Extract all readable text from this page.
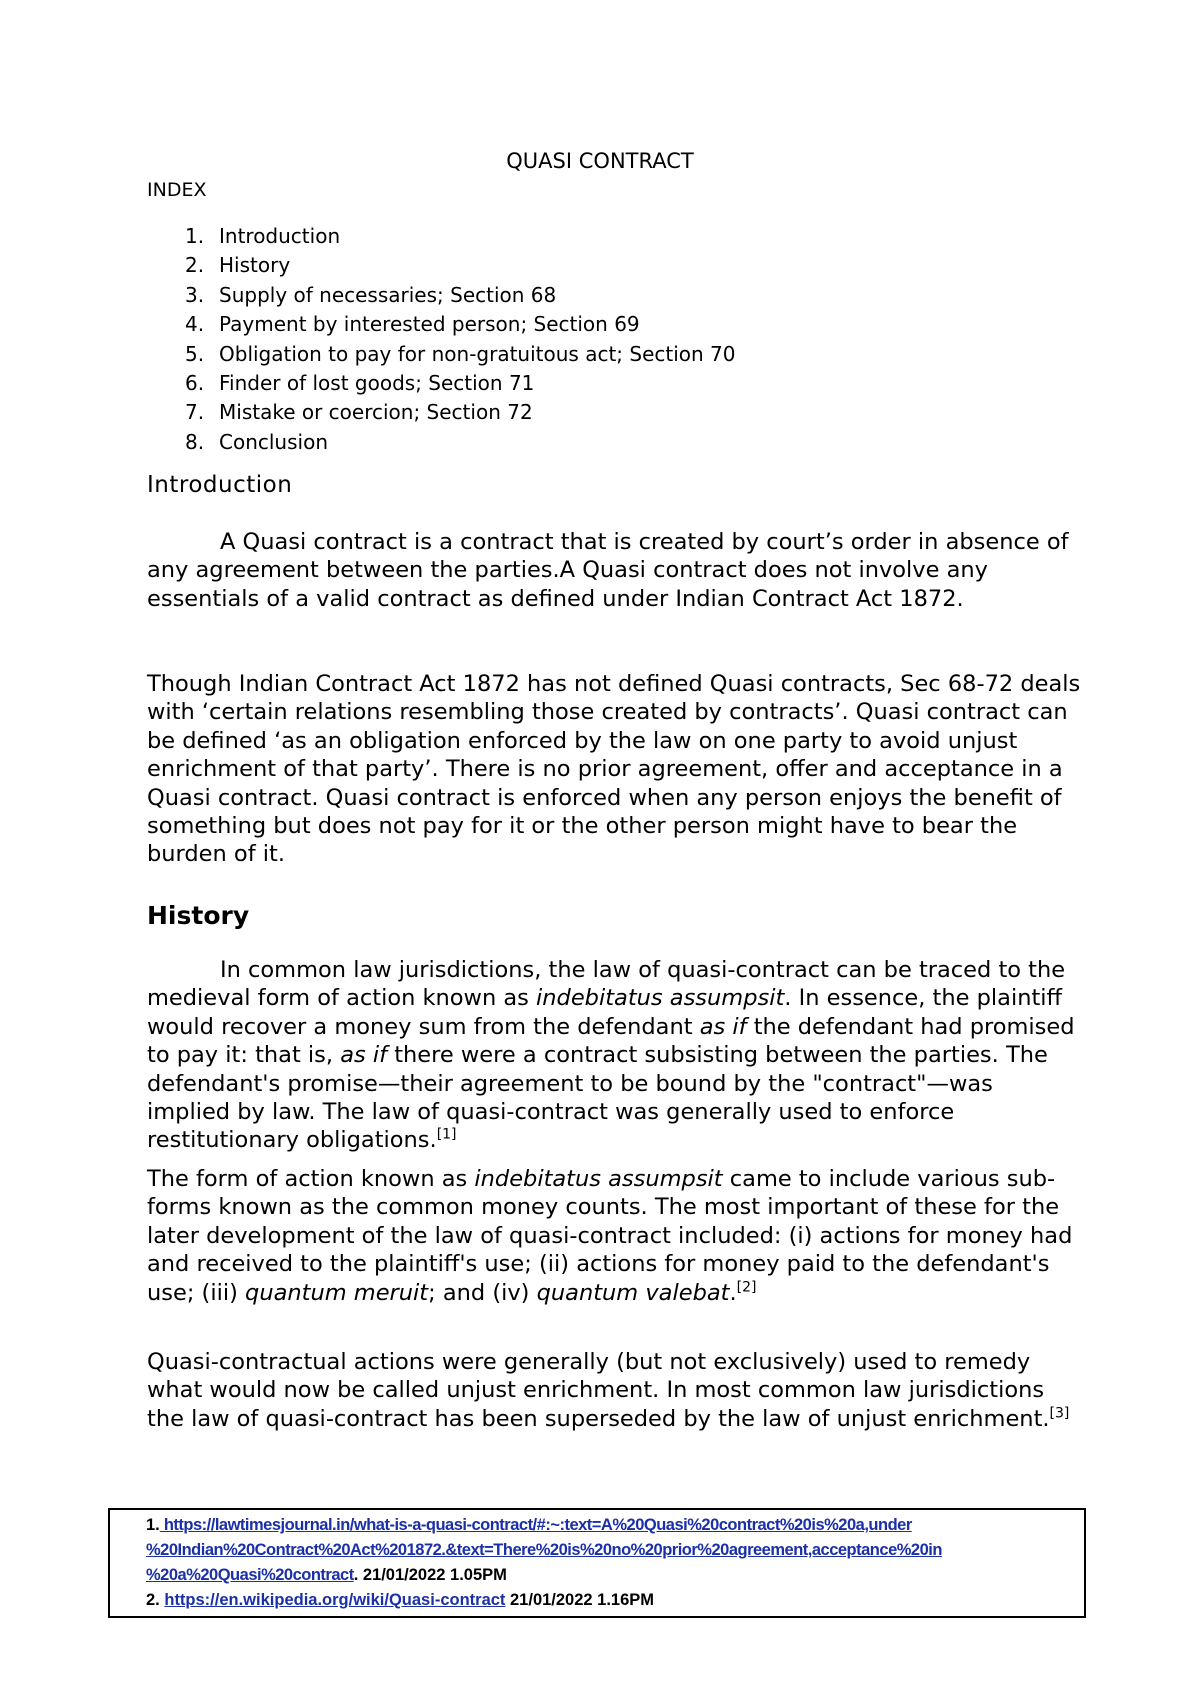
QUASI CONTRACT
INDEX
1. Introduction
2. History
3. Supply of necessaries; Section 68
4. Payment by interested person; Section 69
5. Obligation to pay for non-gratuitous act; Section 70
6. Finder of lost goods; Section 71
7. Mistake or coercion; Section 72
8. Conclusion
Introduction

A Quasi contract is a contract that is created by court’s order in absence of any agreement between the parties.A Quasi contract does not involve any essentials of a valid contract as defined under Indian Contract Act 1872.

Though Indian Contract Act 1872 has not defined Quasi contracts, Sec 68-72 deals with ‘certain relations resembling those created by contracts’. Quasi contract can be defined ‘as an obligation enforced by the law on one party to avoid unjust enrichment of that party’. There is no prior agreement, offer and acceptance in a Quasi contract. Quasi contract is enforced when any person enjoys the benefit of something but does not pay for it or the other person might have to bear the burden of it.

History

In common law jurisdictions, the law of quasi-contract can be traced to the medieval form of action known as indebitatus assumpsit. In essence, the plaintiff would recover a money sum from the defendant as if the defendant had promised to pay it: that is, as if there were a contract subsisting between the parties. The defendant's promise—their agreement to be bound by the "contract"—was implied by law. The law of quasi-contract was generally used to enforce restitutionary obligations.[1]

The form of action known as indebitatus assumpsit came to include various sub-forms known as the common money counts. The most important of these for the later development of the law of quasi-contract included: (i) actions for money had and received to the plaintiff's use; (ii) actions for money paid to the defendant's use; (iii) quantum meruit; and (iv) quantum valebat.[2]

Quasi-contractual actions were generally (but not exclusively) used to remedy what would now be called unjust enrichment. In most common law jurisdictions the law of quasi-contract has been superseded by the law of unjust enrichment.[3]

1. https://lawtimesjournal.in/what-is-a-quasi-contract/#:~:text=A%20Quasi%20contract%20is%20a,under
%20Indian%20Contract%20Act%201872.&text=There%20is%20no%20prior%20agreement,acceptance%20in
%20a%20Quasi%20contract. 21/01/2022 1.05PM
2. https://en.wikipedia.org/wiki/Quasi-contract 21/01/2022 1.16PM
